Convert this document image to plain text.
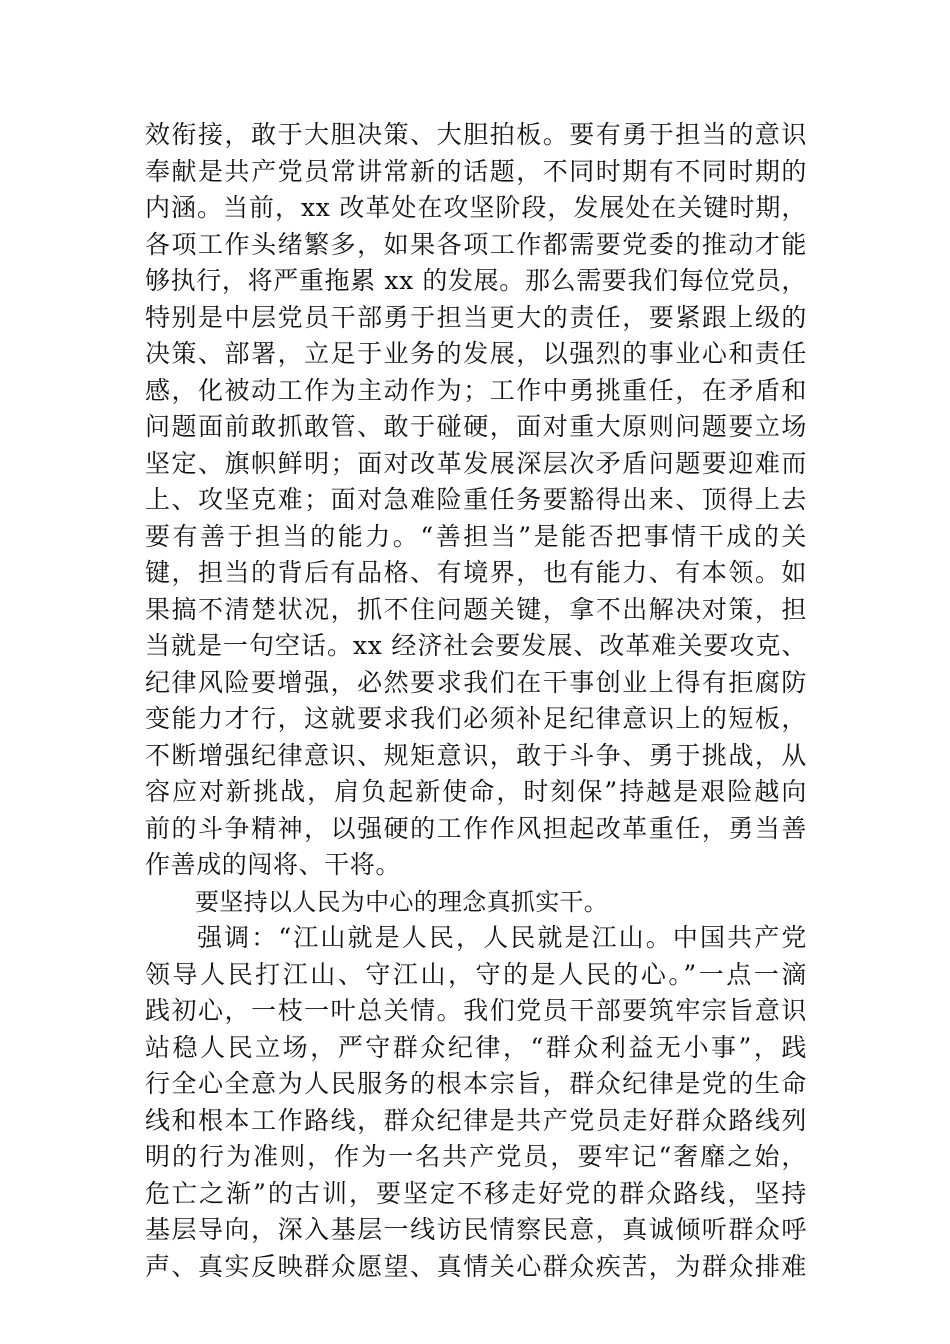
效衔接，敢于大胆决策、大胆拍板。要有勇于担当的意识
奉献是共产党员常讲常新的话题，不同时期有不同时期的
内涵。当前，xx 改革处在攻坚阶段，发展处在关键时期，
各项工作头绪繁多，如果各项工作都需要党委的推动才能
够执行，将严重拖累 xx 的发展。那么需要我们每位党员，
特别是中层党员干部勇于担当更大的责任，要紧跟上级的
决策、部署，立足于业务的发展，以强烈的事业心和责任
感，化被动工作为主动作为；工作中勇挑重任，在矛盾和
问题面前敢抓敢管、敢于碰硬，面对重大原则问题要立场
坚定、旗帜鲜明；面对改革发展深层次矛盾问题要迎难而
上、攻坚克难；面对急难险重任务要豁得出来、顶得上去
要有善于担当的能力。“善担当”是能否把事情干成的关
键，担当的背后有品格、有境界，也有能力、有本领。如
果搞不清楚状况，抓不住问题关键，拿不出解决对策，担
当就是一句空话。xx 经济社会要发展、改革难关要攻克、
纪律风险要增强，必然要求我们在干事创业上得有拒腐防
变能力才行，这就要求我们必须补足纪律意识上的短板，
不断增强纪律意识、规矩意识，敢于斗争、勇于挑战，从
容应对新挑战，肩负起新使命，时刻保”持越是艰险越向
前的斗争精神，以强硬的工作作风担起改革重任，勇当善
作善成的闯将、干将。
要坚持以人民为中心的理念真抓实干。
强调：“江山就是人民，人民就是江山。中国共产党
领导人民打江山、守江山，守的是人民的心。”一点一滴
践初心，一枝一叶总关情。我们党员干部要筑牢宗旨意识
站稳人民立场，严守群众纪律，“群众利益无小事”，践
行全心全意为人民服务的根本宗旨，群众纪律是党的生命
线和根本工作路线，群众纪律是共产党员走好群众路线列
明的行为准则，作为一名共产党员，要牢记“奢靡之始，
危亡之渐”的古训，要坚定不移走好党的群众路线，坚持
基层导向，深入基层一线访民情察民意，真诚倾听群众呼
声、真实反映群众愿望、真情关心群众疾苦，为群众排难
